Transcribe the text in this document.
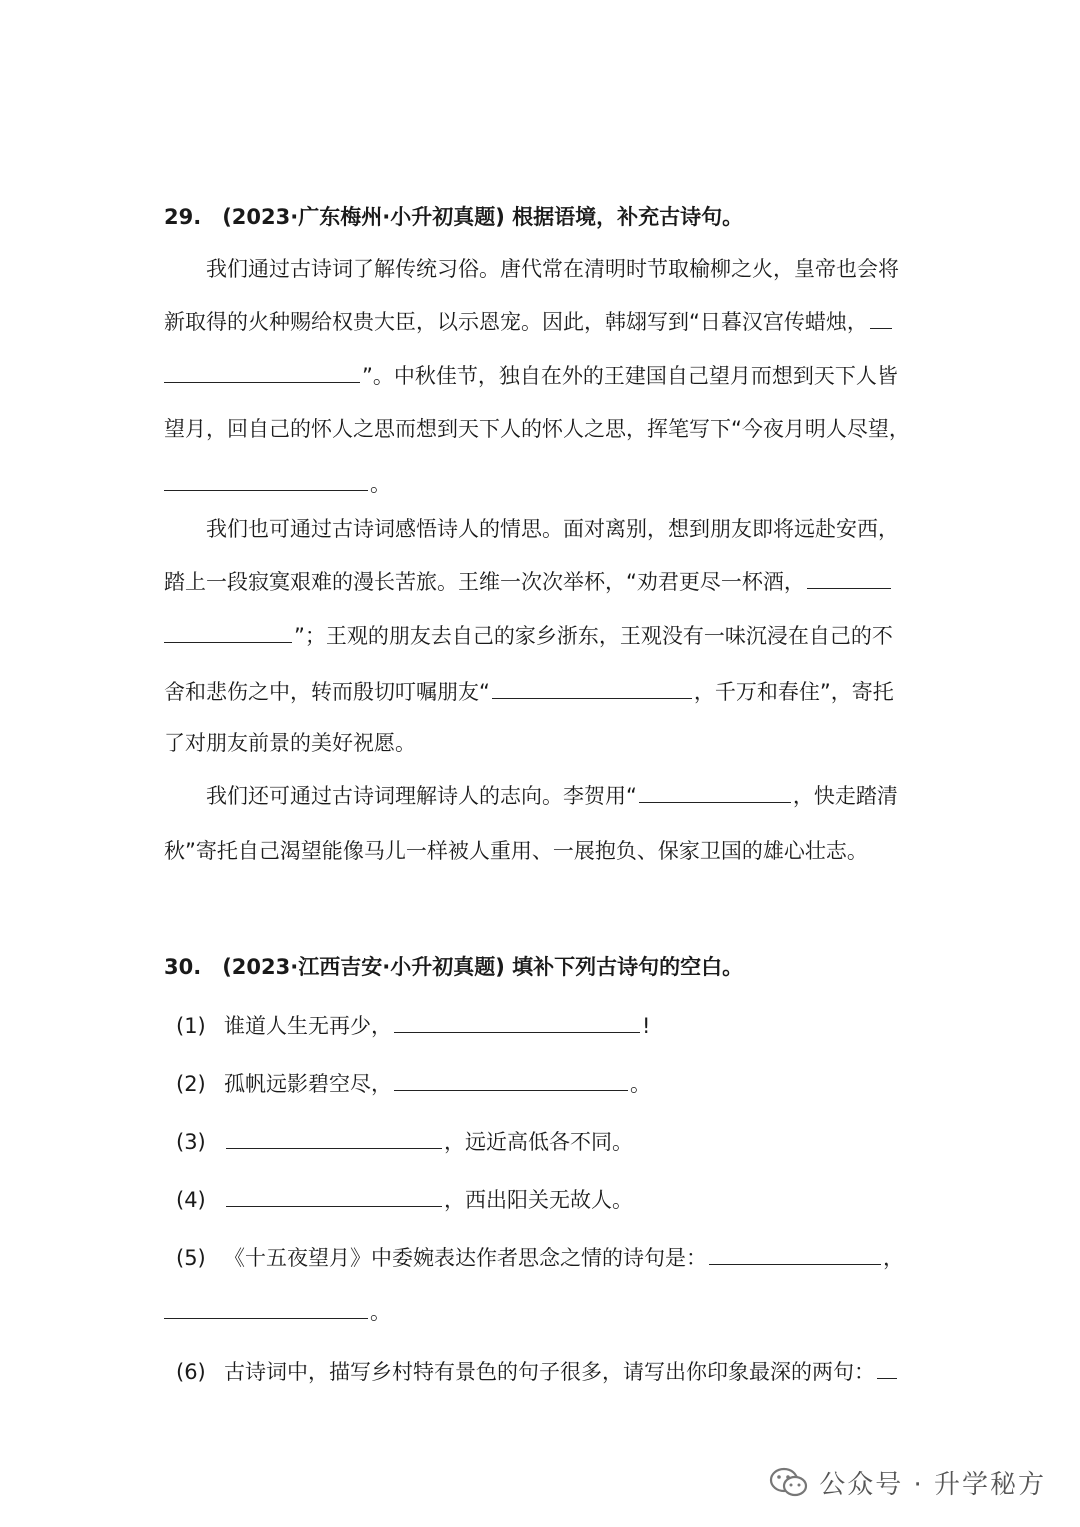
29.　(2023·广东梅州·小升初真题) 根据语境，补充古诗句。
我们通过古诗词了解传统习俗。唐代常在清明时节取榆柳之火，皇帝也会将
新取得的火种赐给权贵大臣，以示恩宠。因此，韩翃写到“日暮汉宫传蜡烛，
”。中秋佳节，独自在外的王建国自己望月而想到天下人皆
望月，回自己的怀人之思而想到天下人的怀人之思，挥笔写下“今夜月明人尽望，
。
我们也可通过古诗词感悟诗人的情思。面对离别，想到朋友即将远赴安西，
踏上一段寂寞艰难的漫长苦旅。王维一次次举杯，“劝君更尽一杯酒，
”；王观的朋友去自己的家乡浙东，王观没有一味沉浸在自己的不
舍和悲伤之中，转而殷切叮嘱朋友“	，千万和春住”，寄托
了对朋友前景的美好祝愿。
我们还可通过古诗词理解诗人的志向。李贺用“	，快走踏清
秋”寄托自己渴望能像马儿一样被人重用、一展抱负、保家卫国的雄心壮志。
30.　(2023·江西吉安·小升初真题) 填补下列古诗句的空白。
(1) 谁道人生无再少，	!
(2) 孤帆远影碧空尽，	。
(3)	，远近高低各不同。
(4)	，西出阳关无故人。
(5) 《十五夜望月》中委婉表达作者思念之情的诗句是：	，
。
(6) 古诗词中，描写乡村特有景色的句子很多，请写出你印象最深的两句：
公众号 · 升学秘方
